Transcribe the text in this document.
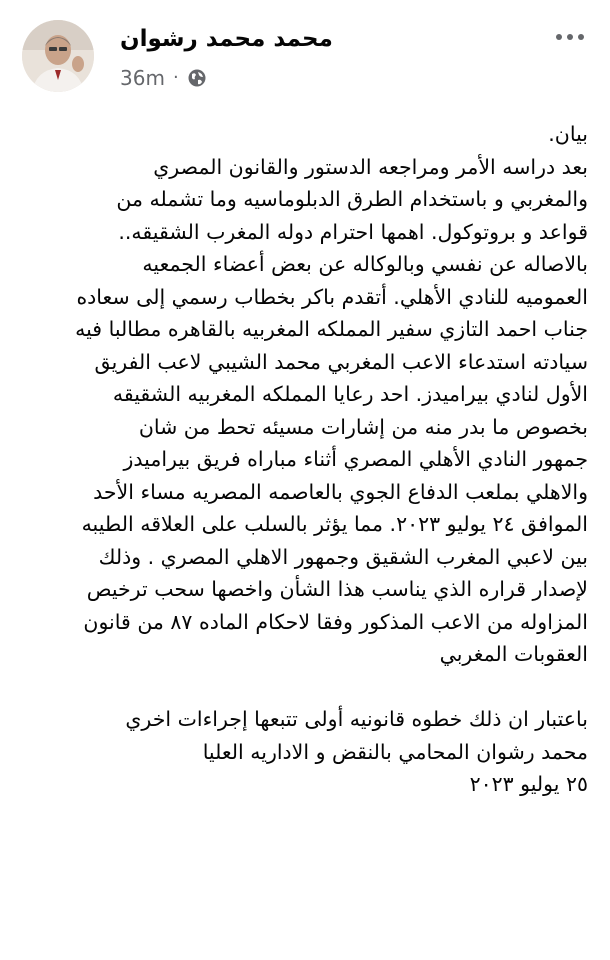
محمد محمد رشوان
36m ·
بيان.
بعد دراسه الأمر ومراجعه الدستور والقانون المصري
والمغربي و باستخدام الطرق الدبلوماسيه وما تشمله من
قواعد و بروتوكول. اهمها احترام دوله المغرب الشقيقه..
بالاصاله عن نفسي وبالوكاله عن بعض أعضاء الجمعيه
العموميه للنادي الأهلي. أتقدم باكر بخطاب رسمي إلى سعاده
جناب احمد التازي سفير المملكه المغربيه بالقاهره مطالبا فيه
سيادته استدعاء الاعب المغربي محمد الشيبي لاعب الفريق
الأول لنادي بيراميدز. احد رعايا المملكه المغربيه الشقيقه
بخصوص ما بدر منه من إشارات مسيئه تحط من شان
جمهور النادي الأهلي المصري أثناء مباراه فريق بيراميدز
والاهلي بملعب الدفاع الجوي بالعاصمه المصريه مساء الأحد
الموافق ٢٤ يوليو ٢٠٢٣. مما يؤثر بالسلب على العلاقه الطيبه
بين لاعبي المغرب الشقيق وجمهور الاهلي المصري . وذلك
لإصدار قراره الذي يناسب هذا الشأن واخصها سحب ترخيص
المزاوله من الاعب المذكور وفقا لاحكام الماده ٨٧ من قانون
العقوبات المغربي
باعتبار ان ذلك خطوه قانونيه أولى تتبعها إجراءات اخري
محمد رشوان المحامي بالنقض و الاداريه العليا
٢٥ يوليو ٢٠٢٣
